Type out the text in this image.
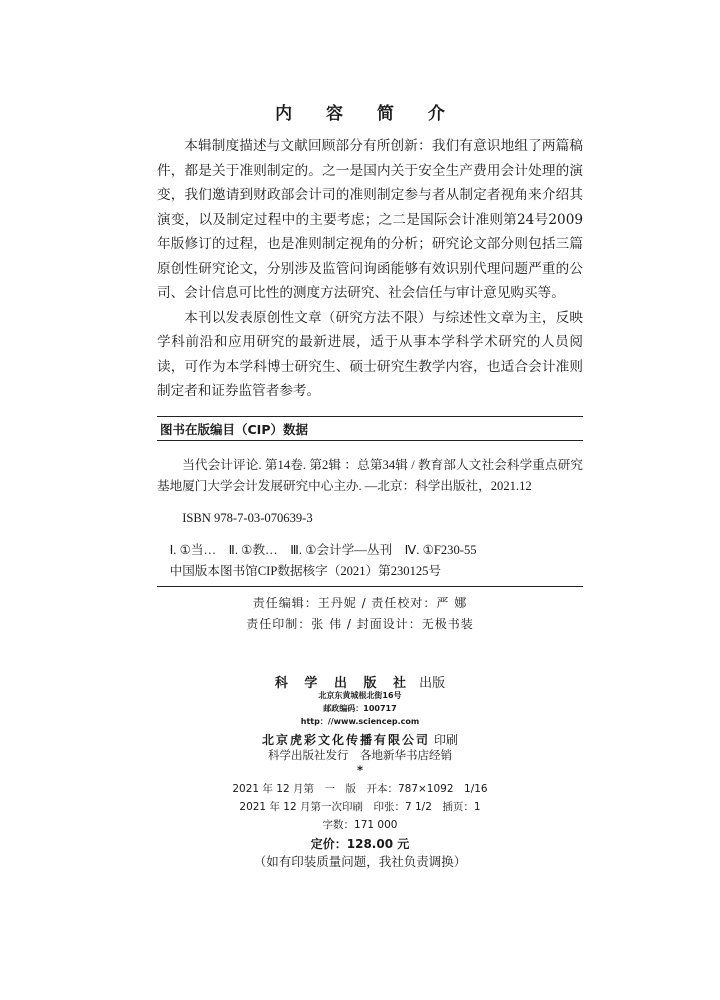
内 容 简 介

本辑制度描述与文献回顾部分有所创新：我们有意识地组了两篇稿件，都是关于准则制定的。之一是国内关于安全生产费用会计处理的演变，我们邀请到财政部会计司的准则制定参与者从制定者视角来介绍其演变，以及制定过程中的主要考虑；之二是国际会计准则第24号2009年版修订的过程，也是准则制定视角的分析；研究论文部分则包括三篇原创性研究论文，分别涉及监管问询函能够有效识别代理问题严重的公司、会计信息可比性的测度方法研究、社会信任与审计意见购买等。

本刊以发表原创性文章（研究方法不限）与综述性文章为主，反映学科前沿和应用研究的最新进展，适于从事本学科学术研究的人员阅读，可作为本学科博士研究生、硕士研究生教学内容，也适合会计准则制定者和证券监管者参考。

图书在版编目（CIP）数据

当代会计评论. 第14卷. 第2辑 ：总第34辑 / 教育部人文社会科学重点研究基地厦门大学会计发展研究中心主办. —北京：科学出版社，2021.12

ISBN 978-7-03-070639-3

Ⅰ. ①当…　Ⅱ. ①教…　Ⅲ. ①会计学—丛刊　Ⅳ. ①F230-55

中国版本图书馆CIP数据核字（2021）第230125号

责任编辑：王丹妮 / 责任校对：严 娜
责任印制：张 伟 / 封面设计：无极书装
科 学 出 版 社 出版
北京东黄城根北街16号
邮政编码：100717
http：//www.sciencep.com
北京虎彩文化传播有限公司 印刷
科学出版社发行　各地新华书店经销
*
2021 年 12 月第　一　版　开本：787×1092　1/16
2021 年 12 月第一次印刷　印张：7 1/2　插页：1
字数：171 000
定价：128.00 元
（如有印装质量问题，我社负责调换）
